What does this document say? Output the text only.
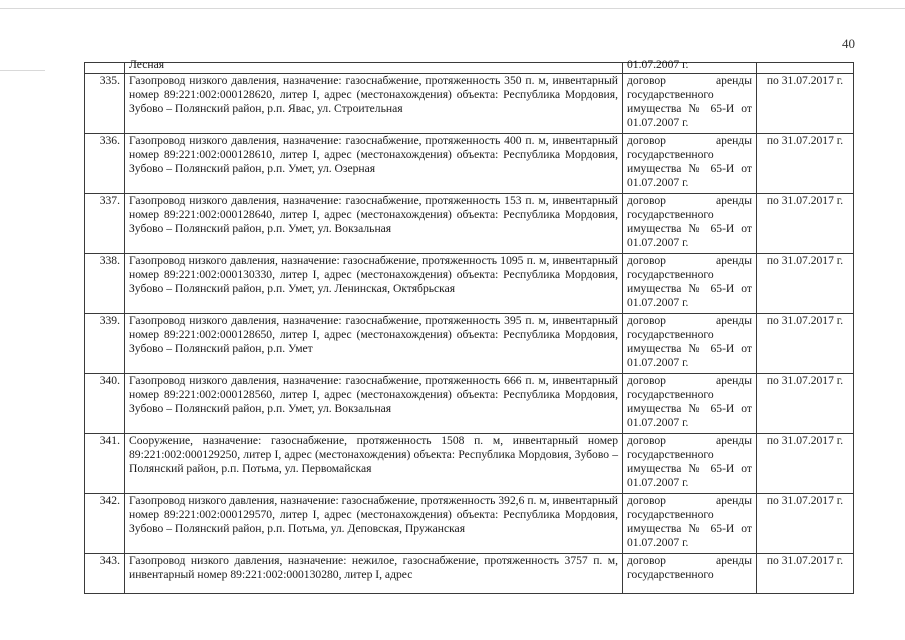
40

	Лесная	01.07.2007 г.	

335.	Газопровод низкого давления, назначение: газоснабжение, протяженность 350 п. м, инвентарный номер 89:221:002:000128620, литер I, адрес (местонахождения) объекта: Республика Мордовия, Зубово – Полянский район, р.п. Явас, ул. Строительная	договор аренды государственного имущества № 65-И от 01.07.2007 г.	по 31.07.2017 г.
336.	Газопровод низкого давления, назначение: газоснабжение, протяженность 400 п. м, инвентарный номер 89:221:002:000128610, литер I, адрес (местонахождения) объекта: Республика Мордовия, Зубово – Полянский район, р.п. Умет, ул. Озерная	договор аренды государственного имущества № 65-И от 01.07.2007 г.	по 31.07.2017 г.
337.	Газопровод низкого давления, назначение: газоснабжение, протяженность 153 п. м, инвентарный номер 89:221:002:000128640, литер I, адрес (местонахождения) объекта: Республика Мордовия, Зубово – Полянский район, р.п. Умет, ул. Вокзальная	договор аренды государственного имущества № 65-И от 01.07.2007 г.	по 31.07.2017 г.
338.	Газопровод низкого давления, назначение: газоснабжение, протяженность 1095 п. м, инвентарный номер 89:221:002:000130330, литер I, адрес (местонахождения) объекта: Республика Мордовия, Зубово – Полянский район, р.п. Умет, ул. Ленинская, Октябрьская	договор аренды государственного имущества № 65-И от 01.07.2007 г.	по 31.07.2017 г.
339.	Газопровод низкого давления, назначение: газоснабжение, протяженность 395 п. м, инвентарный номер 89:221:002:000128650, литер I, адрес (местонахождения) объекта: Республика Мордовия, Зубово – Полянский район, р.п. Умет	договор аренды государственного имущества № 65-И от 01.07.2007 г.	по 31.07.2017 г.
340.	Газопровод низкого давления, назначение: газоснабжение, протяженность 666 п. м, инвентарный номер 89:221:002:000128560, литер I, адрес (местонахождения) объекта: Республика Мордовия, Зубово – Полянский район, р.п. Умет, ул. Вокзальная	договор аренды государственного имущества № 65-И от 01.07.2007 г.	по 31.07.2017 г.
341.	Сооружение, назначение: газоснабжение, протяженность 1508 п. м, инвентарный номер 89:221:002:000129250, литер I, адрес (местонахождения) объекта: Республика Мордовия, Зубово – Полянский район, р.п. Потьма, ул. Первомайская	договор аренды государственного имущества № 65-И от 01.07.2007 г.	по 31.07.2017 г.
342.	Газопровод низкого давления, назначение: газоснабжение, протяженность 392,6 п. м, инвентарный номер 89:221:002:000129570, литер I, адрес (местонахождения) объекта: Республика Мордовия, Зубово – Полянский район, р.п. Потьма, ул. Деповская, Пружанская	договор аренды государственного имущества № 65-И от 01.07.2007 г.	по 31.07.2017 г.
343.	Газопровод низкого давления, назначение: нежилое, газоснабжение, протяженность 3757 п. м, инвентарный номер 89:221:002:000130280, литер I, адрес	договор аренды государственного	по 31.07.2017 г.
